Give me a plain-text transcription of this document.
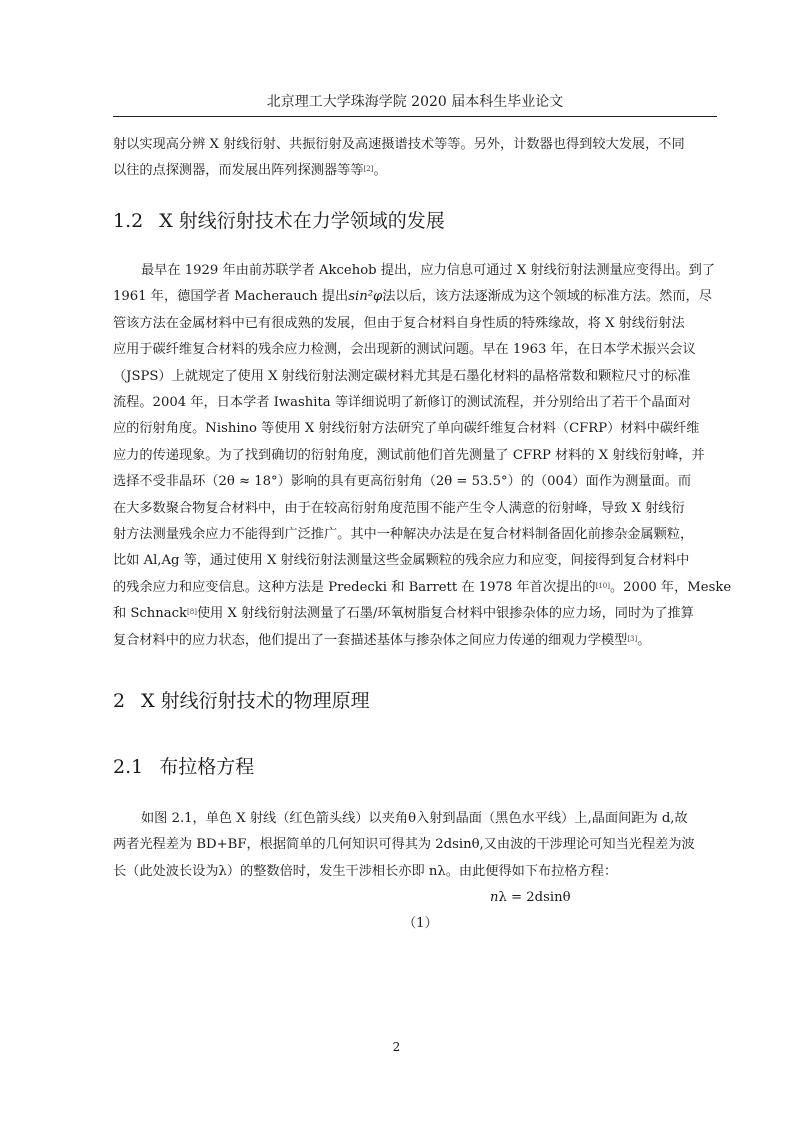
北京理工大学珠海学院 2020 届本科生毕业论文

射以实现高分辨 X 射线衍射、共振衍射及高速摄谱技术等等。另外，计数器也得到较大发展，不同
以往的点探测器，而发展出阵列探测器等等[2]。

1.2 X 射线衍射技术在力学领域的发展

最早在 1929 年由前苏联学者 Akcehob 提出，应力信息可通过 X 射线衍射法测量应变得出。到了
1961 年，德国学者 Macherauch 提出sin²φ法以后，该方法逐渐成为这个领域的标准方法。然而，尽
管该方法在金属材料中已有很成熟的发展，但由于复合材料自身性质的特殊缘故，将 X 射线衍射法
应用于碳纤维复合材料的残余应力检测，会出现新的测试问题。早在 1963 年，在日本学术振兴会议
（JSPS）上就规定了使用 X 射线衍射法测定碳材料尤其是石墨化材料的晶格常数和颗粒尺寸的标准
流程。2004 年，日本学者 Iwashita 等详细说明了新修订的测试流程，并分别给出了若干个晶面对
应的衍射角度。Nishino 等使用 X 射线衍射方法研究了单向碳纤维复合材料（CFRP）材料中碳纤维
应力的传递现象。为了找到确切的衍射角度，测试前他们首先测量了 CFRP 材料的 X 射线衍射峰，并
选择不受非晶环（2θ ≈ 18°）影响的具有更高衍射角（2θ = 53.5°）的（004）面作为测量面。而
在大多数聚合物复合材料中，由于在较高衍射角度范围不能产生令人满意的衍射峰，导致 X 射线衍
射方法测量残余应力不能得到广泛推广。其中一种解决办法是在复合材料制备固化前掺杂金属颗粒，
比如 Al,Ag 等，通过使用 X 射线衍射法测量这些金属颗粒的残余应力和应变，间接得到复合材料中
的残余应力和应变信息。这种方法是 Predecki 和 Barrett 在 1978 年首次提出的[10]。2000 年，Meske
和 Schnack[8]使用 X 射线衍射法测量了石墨/环氧树脂复合材料中银掺杂体的应力场，同时为了推算
复合材料中的应力状态，他们提出了一套描述基体与掺杂体之间应力传递的细观力学模型[3]。

2 X 射线衍射技术的物理原理
2.1 布拉格方程

如图 2.1，单色 X 射线（红色箭头线）以夹角θ入射到晶面（黑色水平线）上,晶面间距为 d,故
两者光程差为 BD+BF，根据简单的几何知识可得其为 2dsinθ,又由波的干涉理论可知当光程差为波
长（此处波长设为λ）的整数倍时，发生干涉相长亦即 nλ。由此便得如下布拉格方程：

nλ = 2dsinθ
（1）
2
